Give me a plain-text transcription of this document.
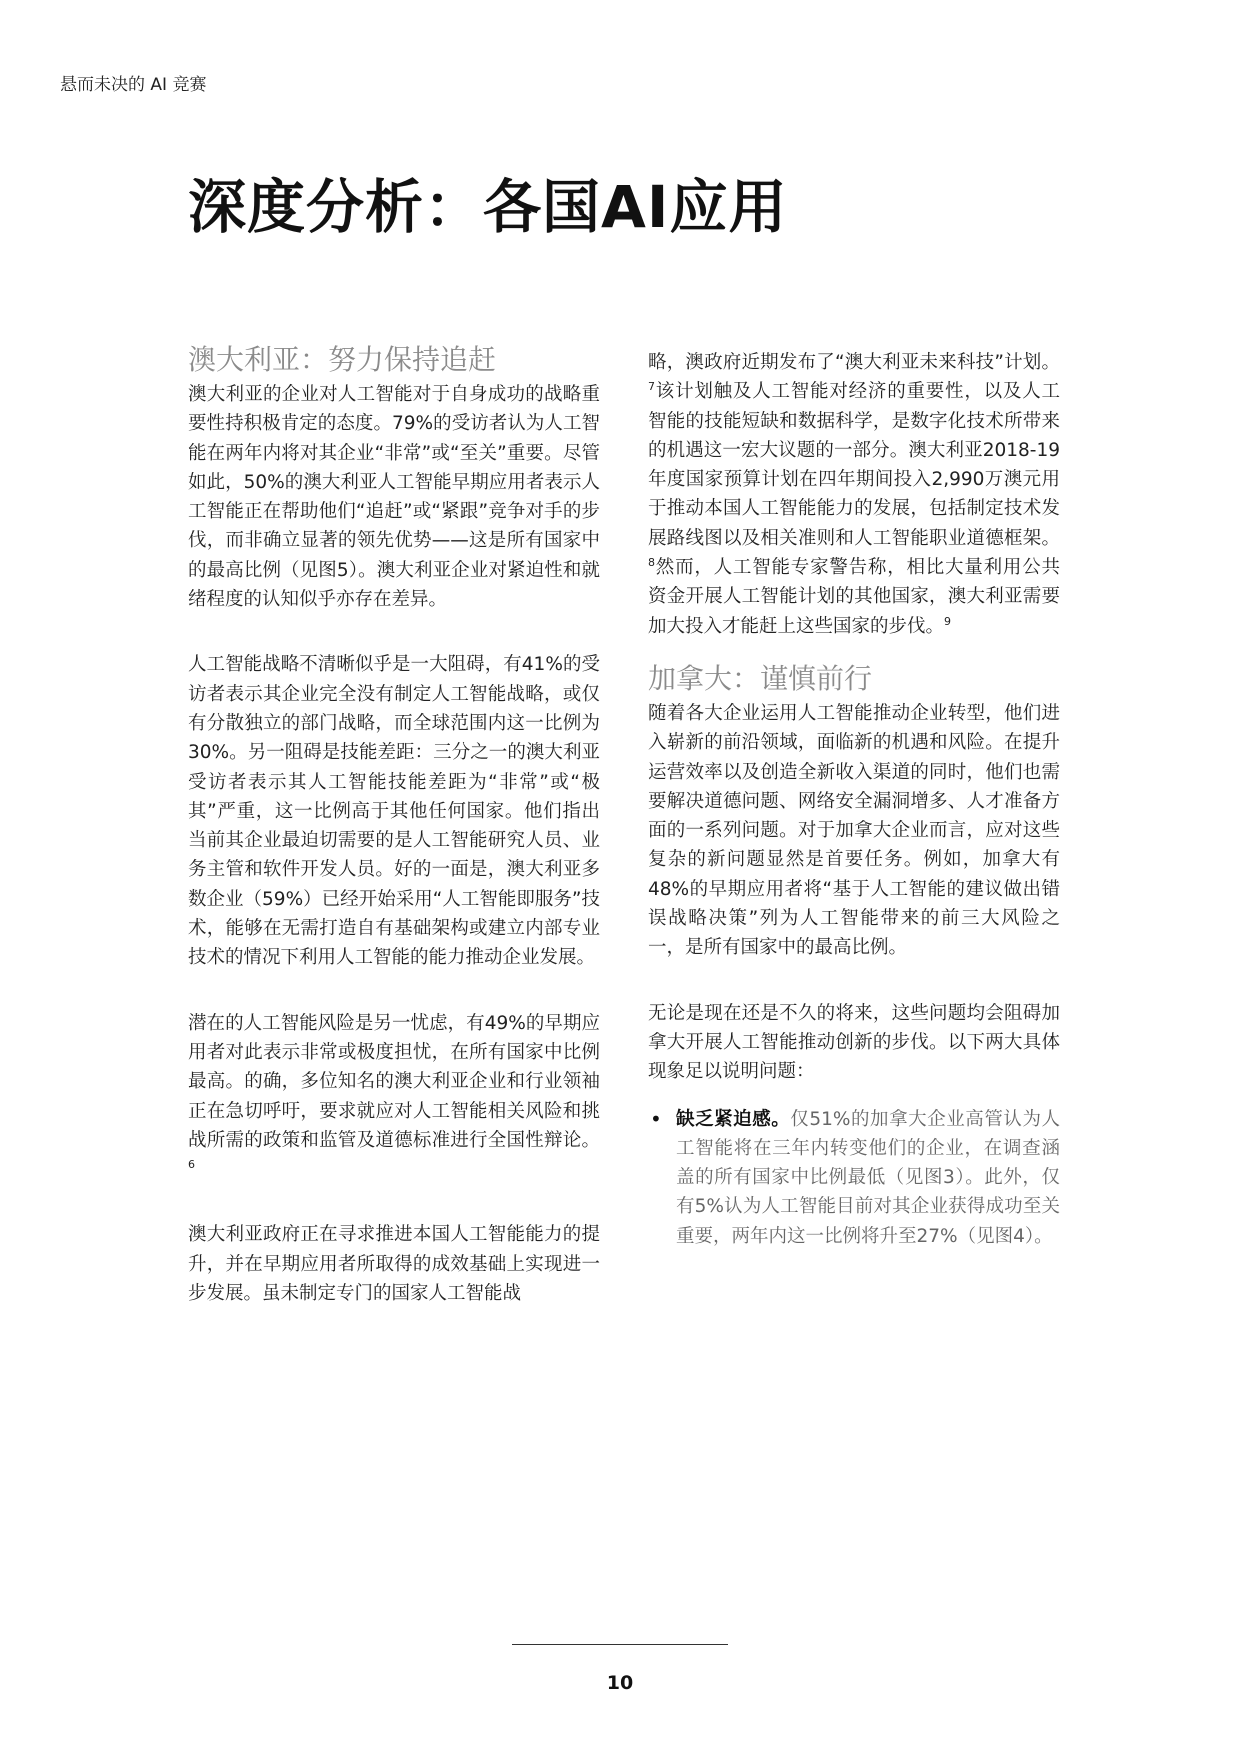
悬而未决的 AI 竞赛
深度分析：各国AI应用
澳大利亚：努力保持追赶

澳大利亚的企业对人工智能对于自身成功的战略重要性持积极肯定的态度。79%的受访者认为人工智能在两年内将对其企业“非常”或“至关”重要。尽管如此，50%的澳大利亚人工智能早期应用者表示人工智能正在帮助他们“追赶”或“紧跟”竞争对手的步伐，而非确立显著的领先优势——这是所有国家中的最高比例（见图5）。澳大利亚企业对紧迫性和就绪程度的认知似乎亦存在差异。

人工智能战略不清晰似乎是一大阻碍，有41%的受访者表示其企业完全没有制定人工智能战略，或仅有分散独立的部门战略，而全球范围内这一比例为30%。另一阻碍是技能差距：三分之一的澳大利亚受访者表示其人工智能技能差距为“非常”或“极其”严重，这一比例高于其他任何国家。他们指出当前其企业最迫切需要的是人工智能研究人员、业务主管和软件开发人员。好的一面是，澳大利亚多数企业（59%）已经开始采用“人工智能即服务”技术，能够在无需打造自有基础架构或建立内部专业技术的情况下利用人工智能的能力推动企业发展。

潜在的人工智能风险是另一忧虑，有49%的早期应用者对此表示非常或极度担忧，在所有国家中比例最高。的确，多位知名的澳大利亚企业和行业领袖正在急切呼吁，要求就应对人工智能相关风险和挑战所需的政策和监管及道德标准进行全国性辩论。$^6$

澳大利亚政府正在寻求推进本国人工智能能力的提升，并在早期应用者所取得的成效基础上实现进一步发展。虽未制定专门的国家人工智能战

略，澳政府近期发布了“澳大利亚未来科技”计划。$^7$该计划触及人工智能对经济的重要性，以及人工智能的技能短缺和数据科学，是数字化技术所带来的机遇这一宏大议题的一部分。澳大利亚2018-19年度国家预算计划在四年期间投入2,990万澳元用于推动本国人工智能能力的发展，包括制定技术发展路线图以及相关准则和人工智能职业道德框架。$^8$然而，人工智能专家警告称，相比大量利用公共资金开展人工智能计划的其他国家，澳大利亚需要加大投入才能赶上这些国家的步伐。$^9$

加拿大：谨慎前行

随着各大企业运用人工智能推动企业转型，他们进入崭新的前沿领域，面临新的机遇和风险。在提升运营效率以及创造全新收入渠道的同时，他们也需要解决道德问题、网络安全漏洞增多、人才准备方面的一系列问题。对于加拿大企业而言，应对这些复杂的新问题显然是首要任务。例如，加拿大有48%的早期应用者将“基于人工智能的建议做出错误战略决策”列为人工智能带来的前三大风险之一，是所有国家中的最高比例。

无论是现在还是不久的将来，这些问题均会阻碍加拿大开展人工智能推动创新的步伐。以下两大具体现象足以说明问题：

• 缺乏紧迫感。仅51%的加拿大企业高管认为人工智能将在三年内转变他们的企业，在调查涵盖的所有国家中比例最低（见图3）。此外，仅有5%认为人工智能目前对其企业获得成功至关重要，两年内这一比例将升至27%（见图4）。
10
